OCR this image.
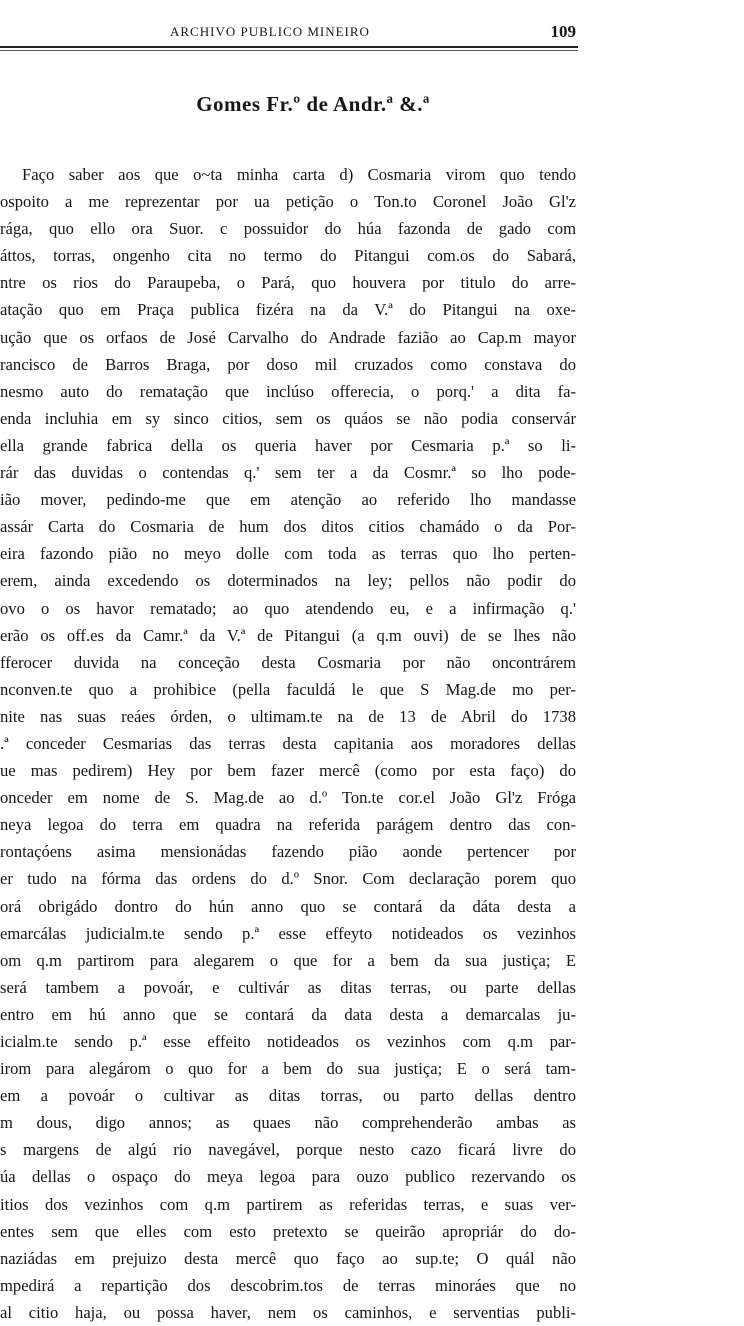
ARCHIVO PUBLICO MINEIRO	109
Gomes Fr.º de Andr.ª &.ª
Faço saber aos que o~ta minha carta d) Cosmaria virom quo tendo
ospoito a me reprezentar por ua petição o Ton.to Coronel João Gl'z
rága, quo ello ora Suor. c possuidor do húa fazonda de gado com
áttos, torras, ongenho cita no termo do Pitangui com.os do Sabará,
ntre os rios do Paraupeba, o Pará, quo houvera por titulo do arre-
atação quo em Praça publica fizéra na da V.ª do Pitangui na oxe-
ução que os orfaos de José Carvalho do Andrade fazião ao Cap.m mayor
rancisco de Barros Braga, por doso mil cruzados como constava do
nesmo auto do rematação que inclúso offerecia, o porq.' a dita fa-
enda incluhia em sy sinco citios, sem os quáos se não podia conservár
ella grande fabrica della os queria haver por Cesmaria p.ª so li-
rár das duvidas o contendas q.' sem ter a da Cosmr.ª so lho pode-
ião mover, pedindo-me que em atenção ao referido lho mandasse
assár Carta do Cosmaria de hum dos ditos citios chamádo o da Por-
eira fazondo pião no meyo dolle com toda as terras quo lho perten-
erem, ainda excedendo os doterminados na ley; pellos não podir do
ovo o os havor rematado; ao quo atendendo eu, e a infirmação q.'
erão os off.es da Camr.ª da V.ª de Pitangui (a q.m ouvi) de se lhes não
fferocer duvida na conceção desta Cosmaria por não oncontrárem
nconven.te quo a prohibice (pella faculdá le que S Mag.de mo per-
nite nas suas reáes órden, o ultimam.te na de 13 de Abril do 1738
.ª conceder Cesmarias das terras desta capitania aos moradores dellas
ue mas pedirem) Hey por bem fazer mercê (como por esta faço) do
onceder em nome de S. Mag.de ao d.º Ton.te cor.el João Gl'z Fróga
neya legoa do terra em quadra na referida parágem dentro das con-
rontaçóens asima mensionádas fazendo pião aonde pertencer por
er tudo na fórma das ordens do d.º Snor. Com declaração porem quo
orá obrigádo dontro do hún anno quo se contará da dáta desta a
emarcálas judicialm.te sendo p.ª esse effeyto notideados os vezinhos
om q.m partirom para alegarem o que for a bem da sua justiça; E
será tambem a povoár, e cultivár as ditas terras, ou parte dellas
entro em hú anno que se contará da data desta a demarcalas ju-
icialm.te sendo p.ª esse effeito notideados os vezinhos com q.m par-
irom para alegárom o quo for a bem do sua justiça; E o será tam-
em a povoár o cultivar as ditas torras, ou parto dellas dentro
m dous, digo annos; as quaes não comprehenderão ambas as
s margens de algú rio navegável, porque nesto cazo ficará livre do
úa dellas o ospaço do meya legoa para ouzo publico rezervando os
itios dos vezinhos com q.m partirem as referidas terras, e suas ver-
entes sem que elles com esto pretexto se queirão apropriár do do-
naziádas em prejuizo desta mercê quo faço ao sup.te; O quál não
mpedirá a repartição dos descobrim.tos de terras minoráes que no
al citio haja, ou possa haver, nem os caminhos, e serventias publi-
